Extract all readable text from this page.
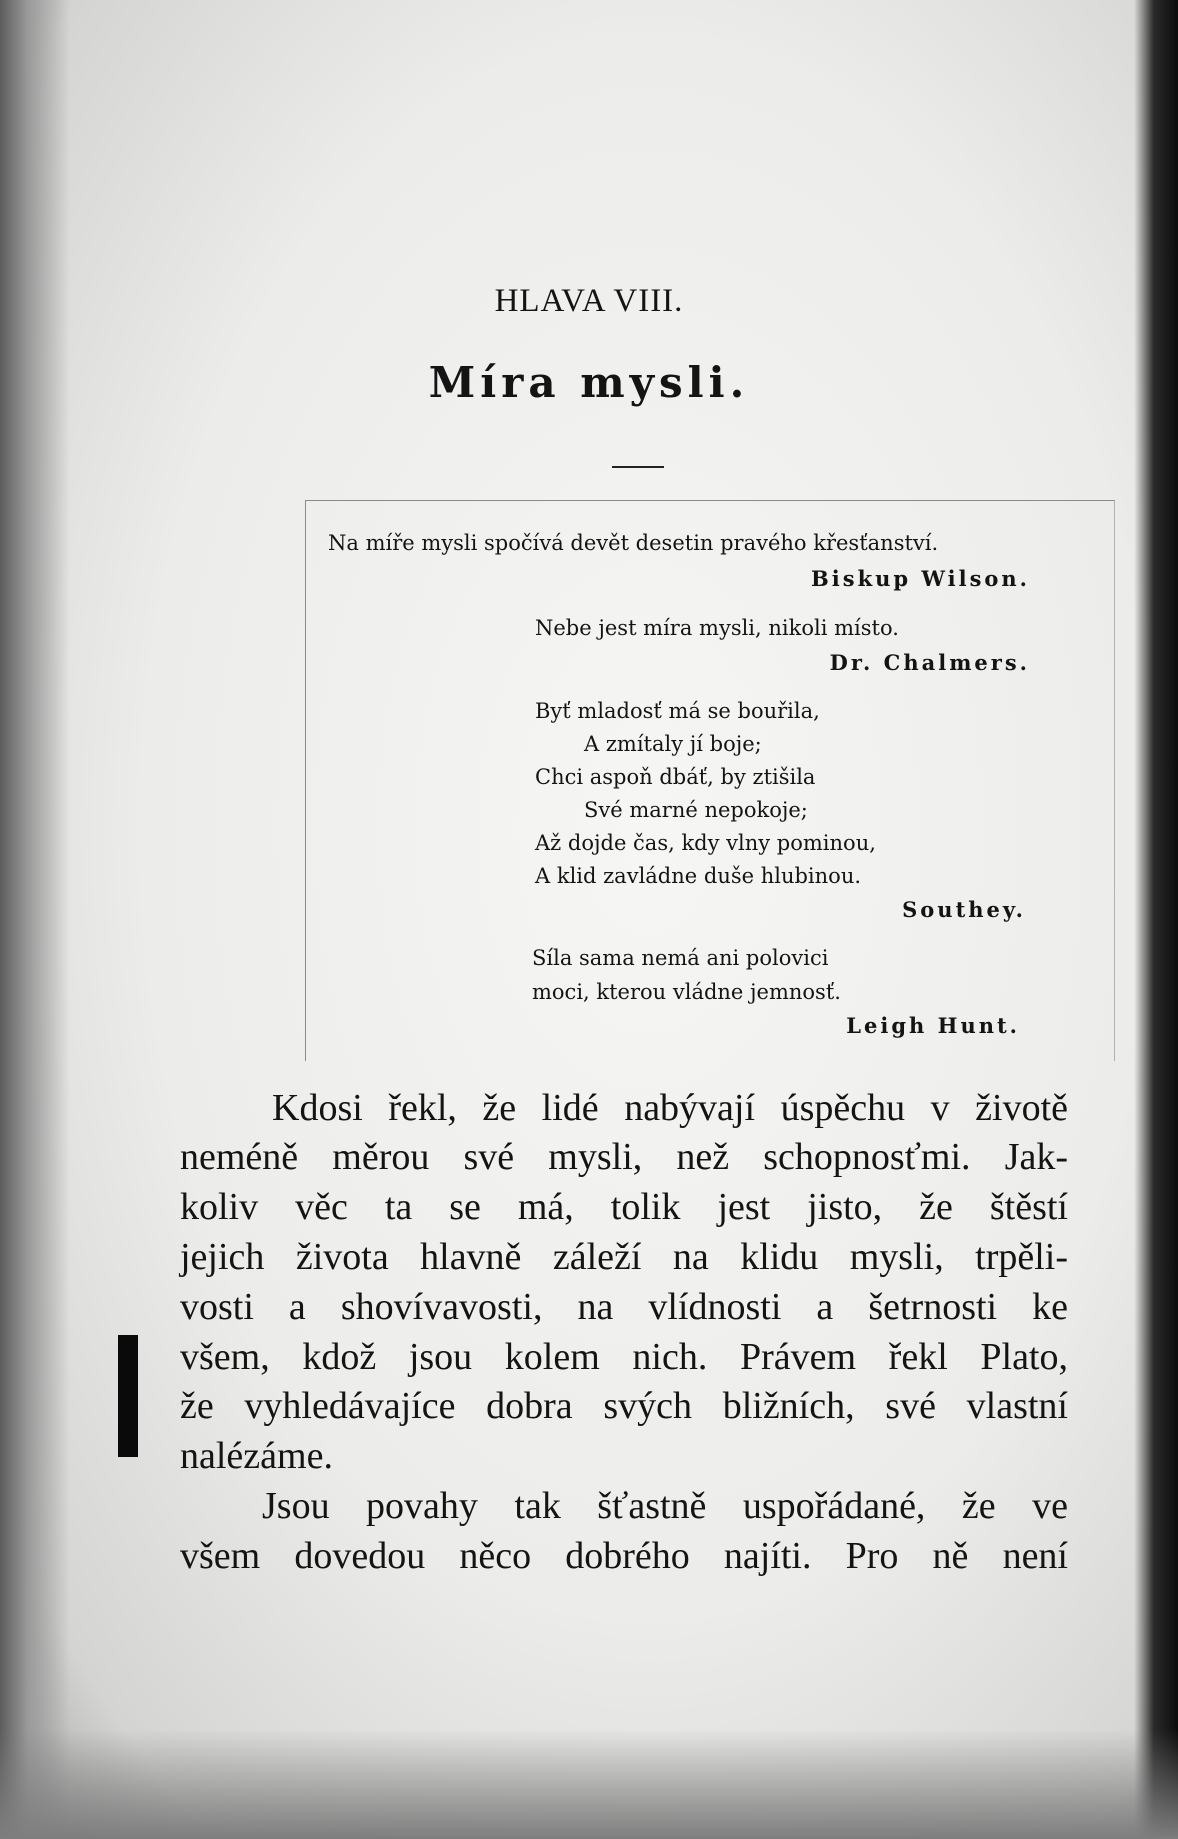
HLAVA VIII.
Míra mysli.
Na míře mysli spočívá devět desetin pravého křesťanství.
Biskup Wilson.
Nebe jest míra mysli, nikoli místo.
Dr. Chalmers.
Byť mladosť má se bouřila,
A zmítaly jí boje;
Chci aspoň dbáť, by ztišila
Své marné nepokoje;
Až dojde čas, kdy vlny pominou,
A klid zavládne duše hlubinou.
Southey.
Síla sama nemá ani polovici
moci, kterou vládne jemnosť.
Leigh Hunt.
Kdosi řekl, že lidé nabývají úspěchu v životě
neméně měrou své mysli, než schopnosťmi. Jak-
koliv věc ta se má, tolik jest jisto, že štěstí
jejich života hlavně záleží na klidu mysli, trpěli-
vosti a shovívavosti, na vlídnosti a šetrnosti ke
všem, kdož jsou kolem nich. Právem řekl Plato,
že vyhledávajíce dobra svých bližních, své vlastní
nalézáme.
Jsou povahy tak šťastně uspořádané, že ve
všem dovedou něco dobrého najíti. Pro ně není
